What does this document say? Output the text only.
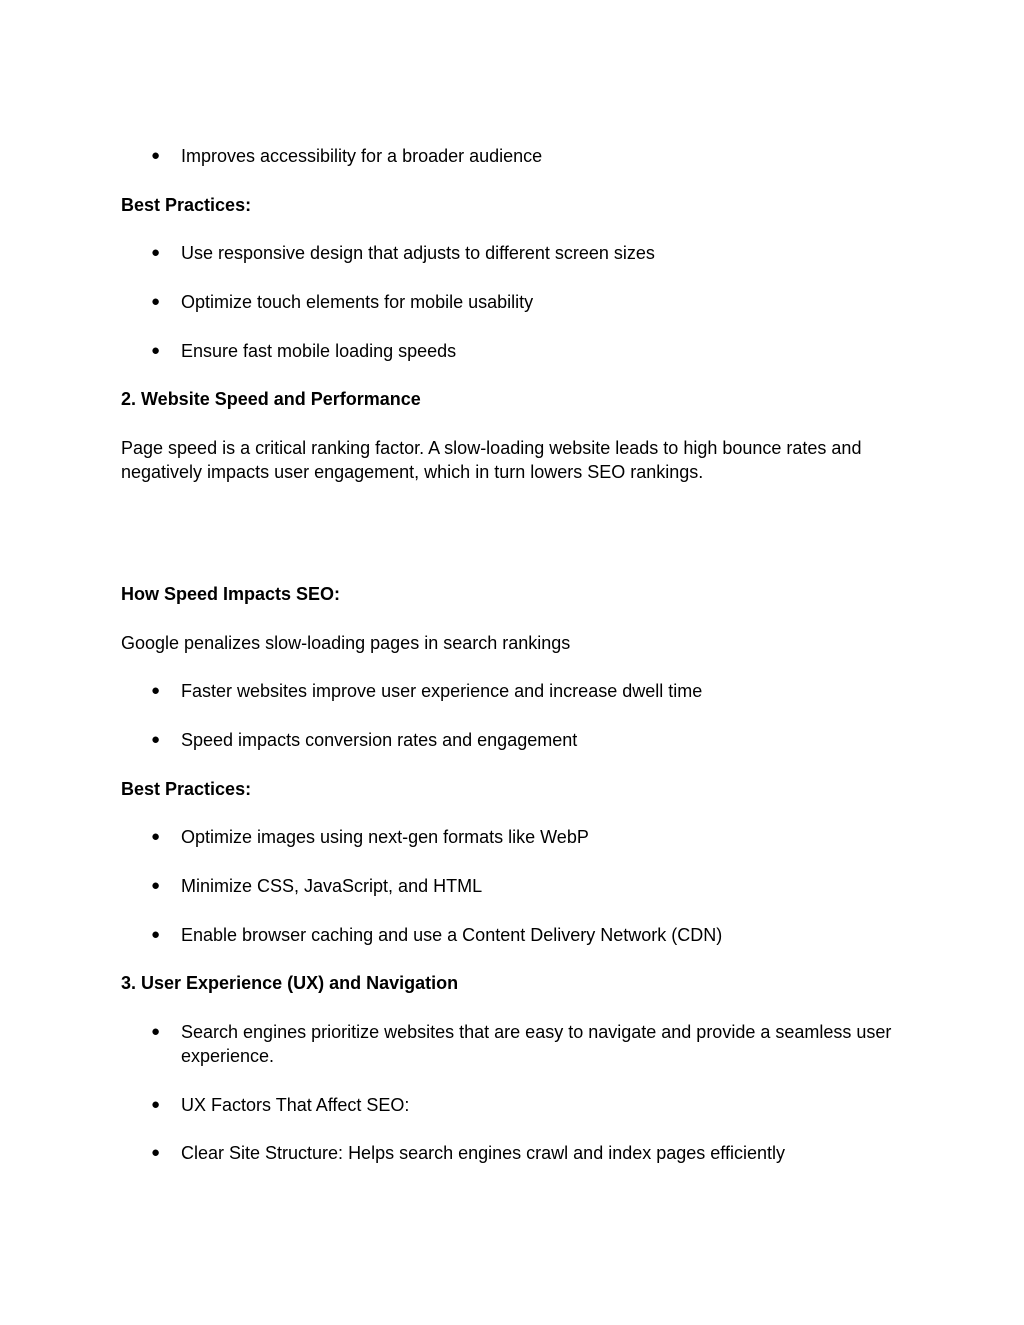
●	Improves accessibility for a broader audience
Best Practices:
●	Use responsive design that adjusts to different screen sizes
●	Optimize touch elements for mobile usability
●	Ensure fast mobile loading speeds
2. Website Speed and Performance
Page speed is a critical ranking factor. A slow-loading website leads to high bounce rates and negatively impacts user engagement, which in turn lowers SEO rankings.
How Speed Impacts SEO:
Google penalizes slow-loading pages in search rankings
●	Faster websites improve user experience and increase dwell time
●	Speed impacts conversion rates and engagement
Best Practices:
●	Optimize images using next-gen formats like WebP
●	Minimize CSS, JavaScript, and HTML
●	Enable browser caching and use a Content Delivery Network (CDN)
3. User Experience (UX) and Navigation
●	Search engines prioritize websites that are easy to navigate and provide a seamless user experience.
●	UX Factors That Affect SEO:
●	Clear Site Structure: Helps search engines crawl and index pages efficiently
